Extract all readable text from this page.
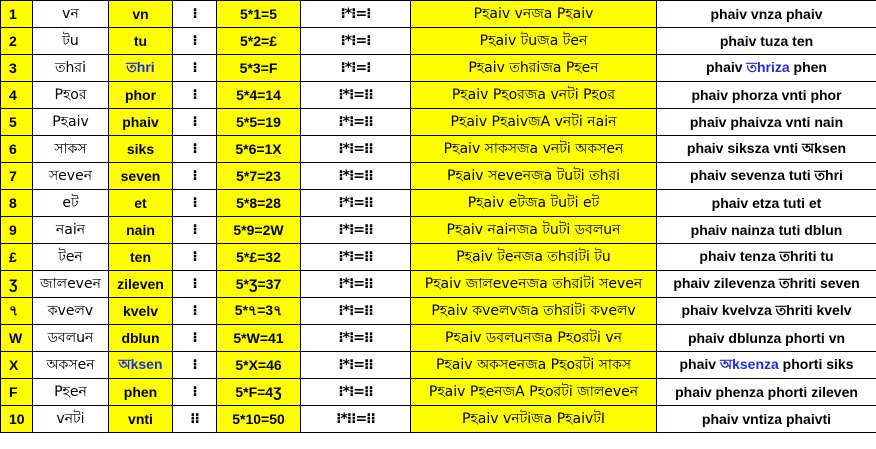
1	vন	vn	⁝	5*1=5	⁝*⁝=⁝	Pহaiv vনজa Pহaiv	phaiv vnza phaiv
2	টu	tu	⁝	5*2=£	⁝*⁝=⁝	Pহaiv টuজa টeন	phaiv tuza ten
3	তhরi	তhri	⁝	5*3=F	⁝*⁝=⁝	Pহaiv তhরiজa Pহeন	phaiv তhriza phen
4	Pহoর	phor	⁝	5*4=14	⁝*⁝=⁝⁝	Pহaiv Pহoরজa vনটi Pহoর	phaiv phorza vnti phor
5	Pহaiv	phaiv	⁝	5*5=19	⁝*⁝=⁝⁝	Pহaiv PহaivজA vনটi নaiন	phaiv phaivza vnti nain
6	সাকস	siks	⁝	5*6=1X	⁝*⁝=⁝⁝	Pহaiv সাকসজa vনটi অকসeন	phaiv siksza vnti অksen
7	সeveন	seven	⁝	5*7=23	⁝*⁝=⁝⁝	Pহaiv সeveনজa টuটi তhরi	phaiv sevenza tuti তhri
8	eট	et	⁝	5*8=28	⁝*⁝=⁝⁝	Pহaiv eটজa টuটi eট	phaiv etza tuti et
9	নaiন	nain	⁝	5*9=2W	⁝*⁝=⁝⁝	Pহaiv নaiনজa টuটi ডবলuন	phaiv nainza tuti dblun
£	টeন	ten	⁝	5*£=32	⁝*⁝=⁝⁝	Pহaiv টeনজa তhরiটi টu	phaiv tenza তhriti tu
Ʒ	জালeveন	zileven	⁝	5*Ʒ=37	⁝*⁝=⁝⁝	Pহaiv জালeveনজa তhরiটi সeveন	phaiv zilevenza তhriti seven
৭	কveলv	kvelv	⁝	5*৭=3৭	⁝*⁝=⁝⁝	Pহaiv কveলvজa তhরiটi কveলv	phaiv kvelvza তhriti kvelv
W	ডবলuন	dblun	⁝	5*W=41	⁝*⁝=⁝⁝	Pহaiv ডবলuনজa Pহoরটi vন	phaiv dblunza phorti vn
X	অকসeন	অksen	⁝	5*X=46	⁝*⁝=⁝⁝	Pহaiv অকসeনজa Pহoরটi সাকস	phaiv অksenza phorti siks
F	Pহeন	phen	⁝	5*F=4Ʒ	⁝*⁝=⁝⁝	Pহaiv PহeনজA Pহoরটi জালeveন	phaiv phenza phorti zileven
10	vনটi	vnti	⁝⁝	5*10=50	⁝*⁝⁝=⁝⁝	Pহaiv vনটiজa PহaivটI	phaiv vntiza phaivti
